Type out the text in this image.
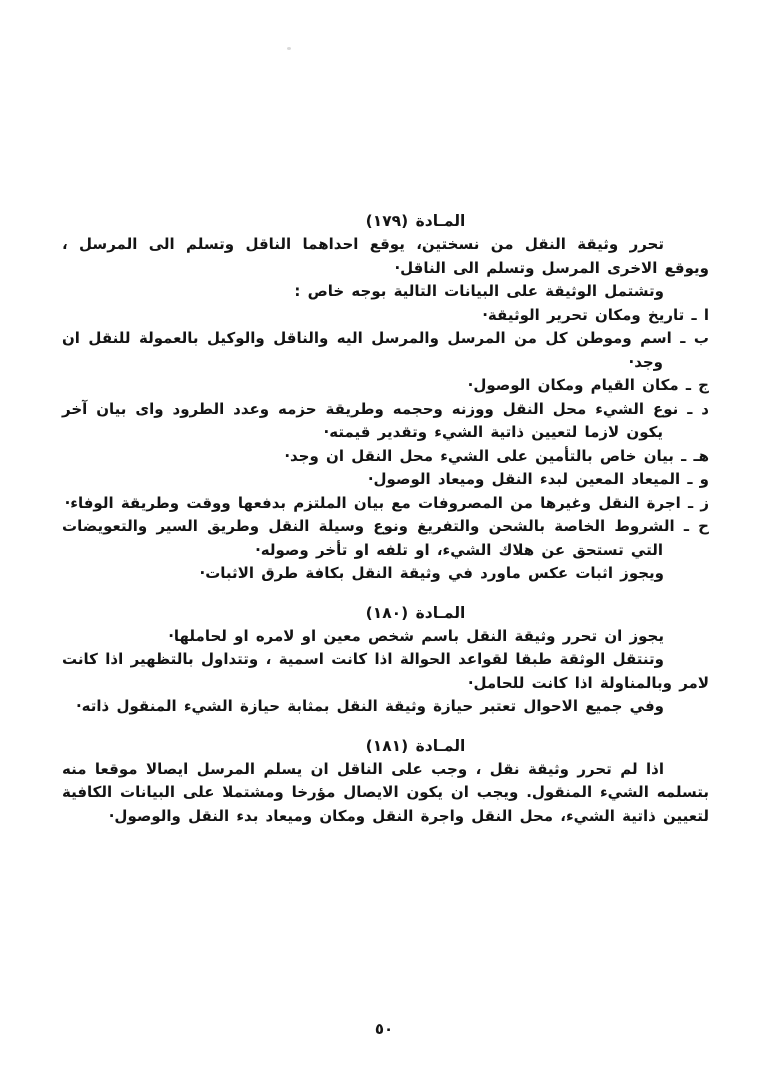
المـادة (١٧٩)

تحرر وثيقة النقل من نسختين، يوقع احداهما الناقل وتسلم الى المرسل ، ويوقع الاخرى المرسل وتسلم الى الناقل·

وتشتمل الوثيقة على البيانات التالية بوجه خاص :

ا ـ تاريخ ومكان تحرير الوثيقة·
ب ـ اسم وموطن كل من المرسل والمرسل اليه والناقل والوكيل بالعمولة للنقل ان وجد·
ج ـ مكان القيام ومكان الوصول·
د ـ نوع الشيء محل النقل ووزنه وحجمه وطريقة حزمه وعدد الطرود واى بيان آخر يكون لازما لتعيين ذاتية الشيء وتقدير قيمته·
هـ ـ بيان خاص بالتأمين على الشيء محل النقل ان وجد·
و ـ الميعاد المعين لبدء النقل وميعاد الوصول·
ز ـ اجرة النقل وغيرها من المصروفات مع بيان الملتزم بدفعها ووقت وطريقة الوفاء·
ح ـ الشروط الخاصة بالشحن والتفريغ ونوع وسيلة النقل وطريق السير والتعويضات التي تستحق عن هلاك الشيء، او تلفه او تأخر وصوله·

ويجوز اثبات عكس ماورد في وثيقة النقل بكافة طرق الاثبات·

المـادة (١٨٠)

يجوز ان تحرر وثيقة النقل باسم شخص معين او لامره او لحاملها·

وتنتقل الوثقة طبقا لقواعد الحوالة اذا كانت اسمية ، وتتداول بالتظهير اذا كانت لامر وبالمناولة اذا كانت للحامل·

وفي جميع الاحوال تعتبر حيازة وثيقة النقل بمثابة حيازة الشيء المنقول ذاته·

المـادة (١٨١)

اذا لم تحرر وثيقة نقل ، وجب على الناقل ان يسلم المرسل ايصالا موقعا منه بتسلمه الشيء المنقول. ويجب ان يكون الايصال مؤرخا ومشتملا على البيانات الكافية لتعيين ذاتية الشيء، محل النقل واجرة النقل ومكان وميعاد بدء النقل والوصول·

٥٠
